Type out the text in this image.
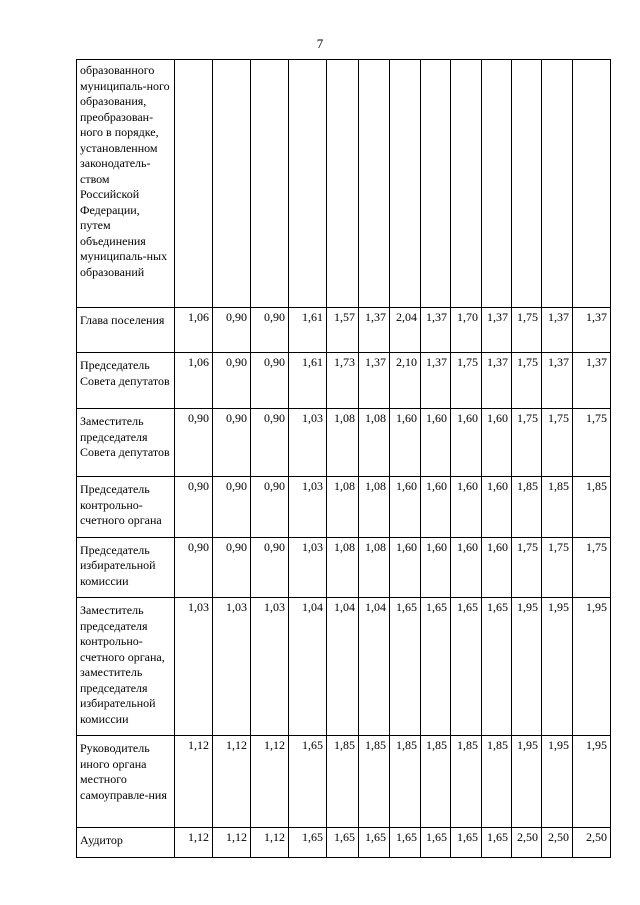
7
образованного муниципаль-ного образования, преобразован-ного в порядке, установленном законодатель-ством Российской Федерации, путем объединения муниципаль-ных образований													
Глава поселения	1,06	0,90	0,90	1,61	1,57	1,37	2,04	1,37	1,70	1,37	1,75	1,37	1,37
Председатель Совета депутатов	1,06	0,90	0,90	1,61	1,73	1,37	2,10	1,37	1,75	1,37	1,75	1,37	1,37
Заместитель председателя Совета депутатов	0,90	0,90	0,90	1,03	1,08	1,08	1,60	1,60	1,60	1,60	1,75	1,75	1,75
Председатель контрольно-счетного органа	0,90	0,90	0,90	1,03	1,08	1,08	1,60	1,60	1,60	1,60	1,85	1,85	1,85
Председатель избирательной комиссии	0,90	0,90	0,90	1,03	1,08	1,08	1,60	1,60	1,60	1,60	1,75	1,75	1,75
Заместитель председателя контрольно-счетного органа, заместитель председателя избирательной комиссии	1,03	1,03	1,03	1,04	1,04	1,04	1,65	1,65	1,65	1,65	1,95	1,95	1,95
Руководитель иного органа местного самоуправле-ния	1,12	1,12	1,12	1,65	1,85	1,85	1,85	1,85	1,85	1,85	1,95	1,95	1,95
Аудитор	1,12	1,12	1,12	1,65	1,65	1,65	1,65	1,65	1,65	1,65	2,50	2,50	2,50
